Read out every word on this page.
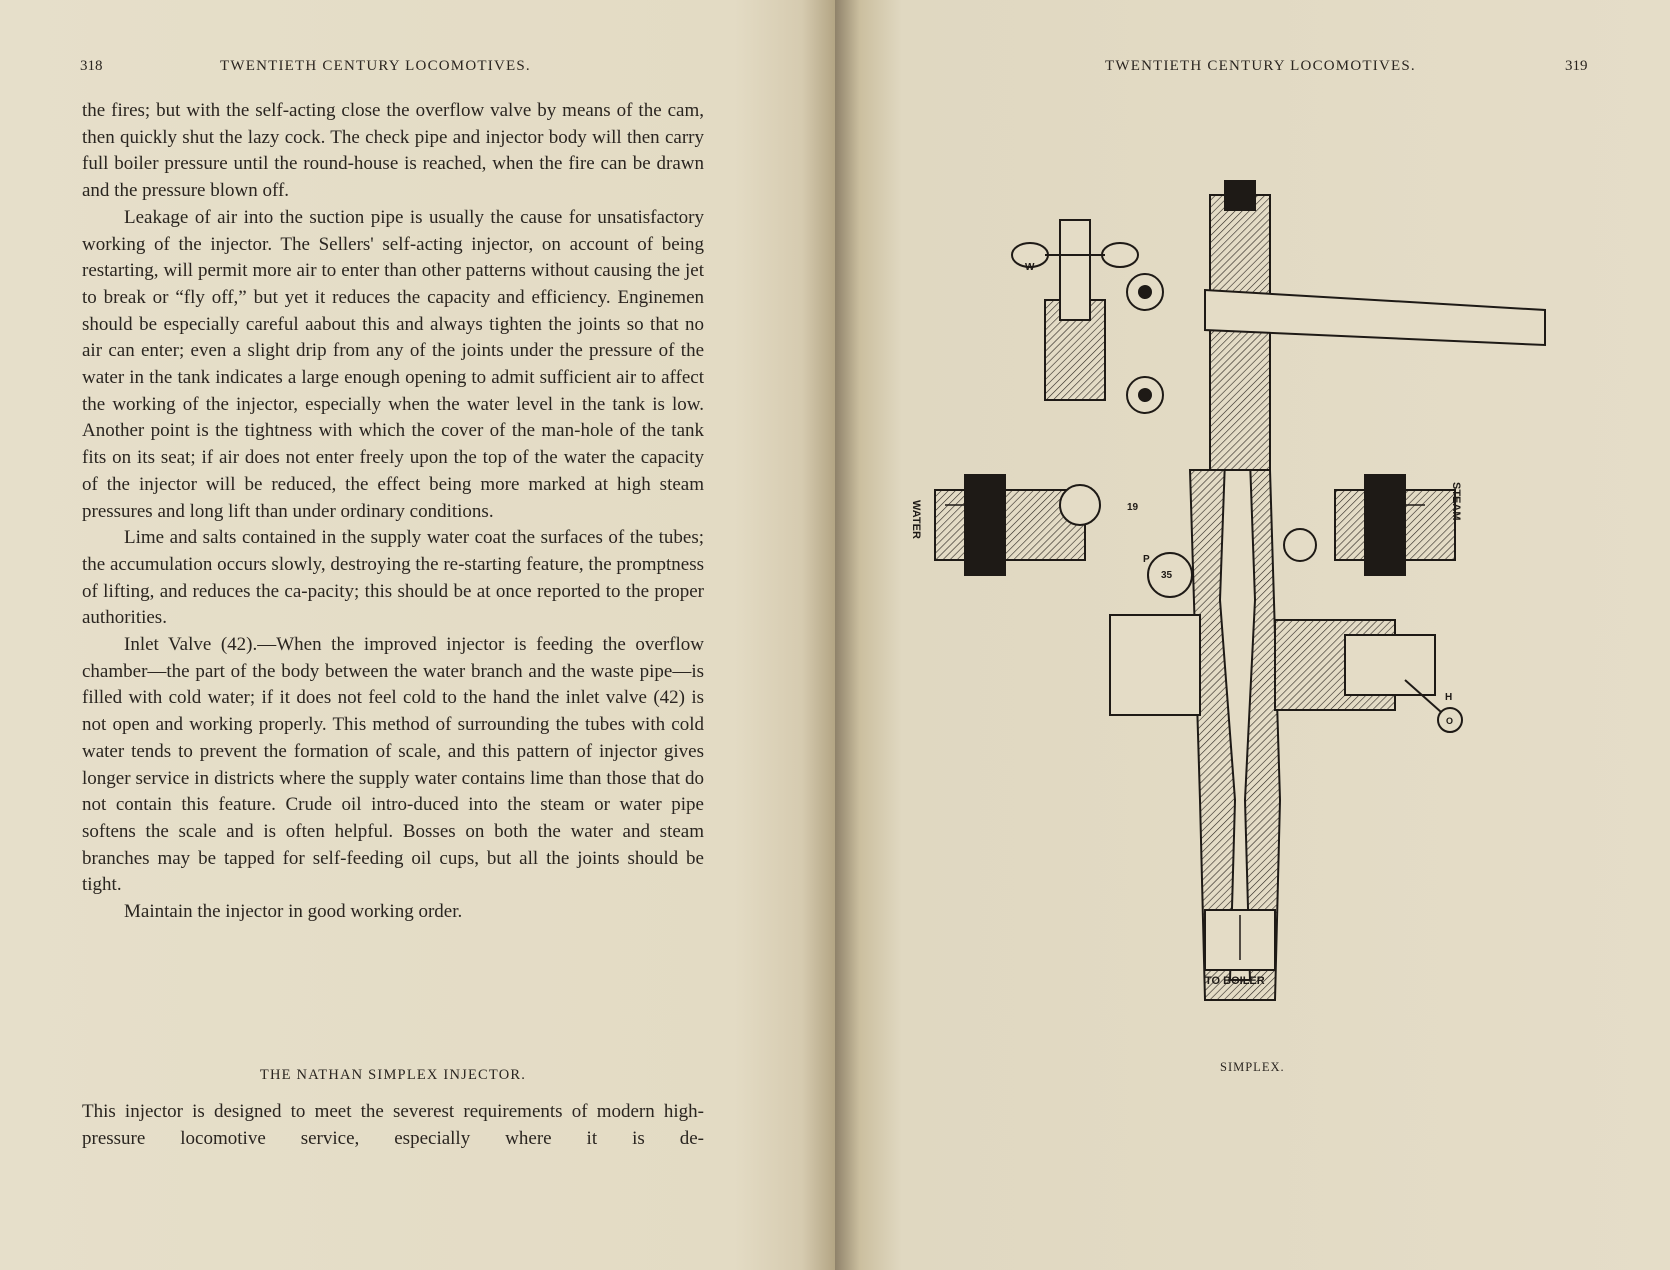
318	TWENTIETH CENTURY LOCOMOTIVES.

the fires; but with the self-acting close the overflow valve by means of the cam, then quickly shut the lazy cock. The check pipe and injector body will then carry full boiler pressure until the round-house is reached, when the fire can be drawn and the pressure blown off.

Leakage of air into the suction pipe is usually the cause for unsatisfactory working of the injector. The Sellers' self-acting injector, on account of being restarting, will permit more air to enter than other patterns without causing the jet to break or “fly off,” but yet it reduces the capacity and efficiency. Enginemen should be especially careful aabout this and always tighten the joints so that no air can enter; even a slight drip from any of the joints under the pressure of the water in the tank indicates a large enough opening to admit sufficient air to affect the working of the injector, especially when the water level in the tank is low. Another point is the tightness with which the cover of the man-hole of the tank fits on its seat; if air does not enter freely upon the top of the water the capacity of the injector will be reduced, the effect being more marked at high steam pressures and long lift than under ordinary conditions.

Lime and salts contained in the supply water coat the surfaces of the tubes; the accumulation occurs slowly, destroying the re-starting feature, the promptness of lifting, and reduces the ca-pacity; this should be at once reported to the proper authorities.

Inlet Valve (42).—When the improved injector is feeding the overflow chamber—the part of the body between the water branch and the waste pipe—is filled with cold water; if it does not feel cold to the hand the inlet valve (42) is not open and working properly. This method of surrounding the tubes with cold water tends to prevent the formation of scale, and this pattern of injector gives longer service in districts where the supply water contains lime than those that do not contain this feature. Crude oil intro-duced into the steam or water pipe softens the scale and is often helpful. Bosses on both the water and steam branches may be tapped for self-feeding oil cups, but all the joints should be tight.

Maintain the injector in good working order.

THE NATHAN SIMPLEX INJECTOR.
This injector is designed to meet the severest requirements of modern high-pressure locomotive service, especially where it is de-
TWENTIETH CENTURY LOCOMOTIVES.	319
WATER	STEAM
TO BOILER
19
P
35
W
H
O
SIMPLEX.
